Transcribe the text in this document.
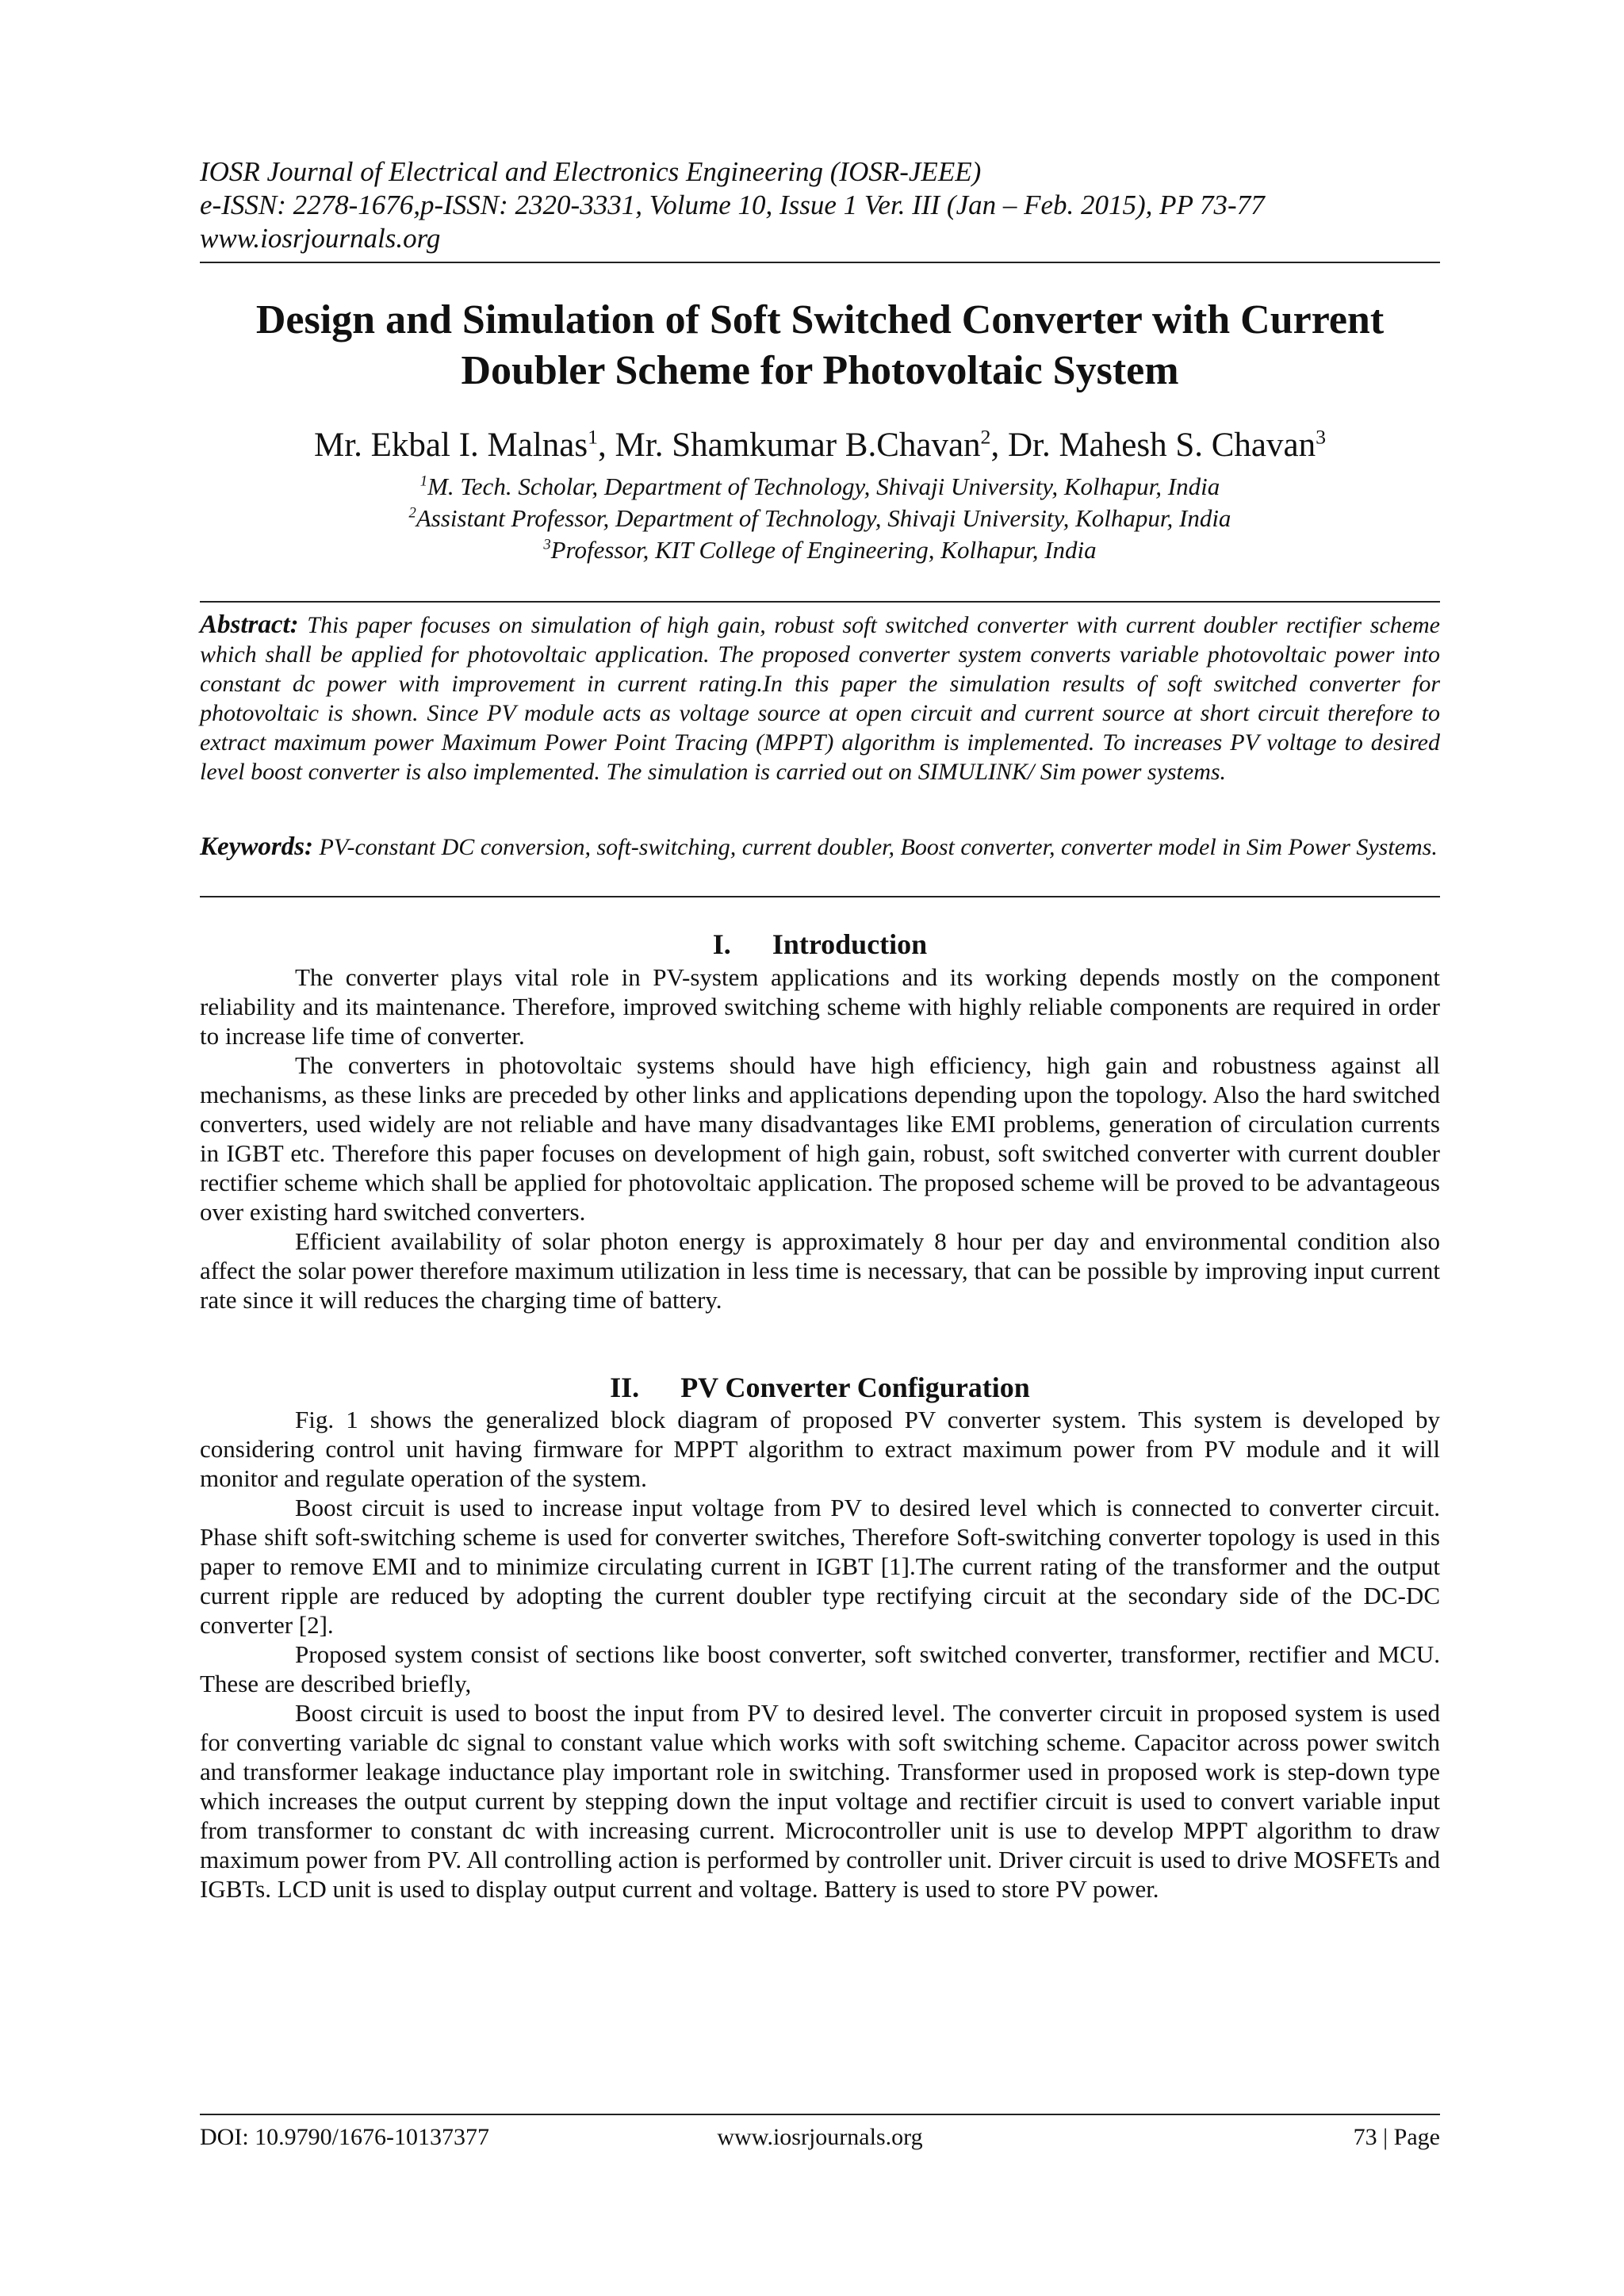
IOSR Journal of Electrical and Electronics Engineering (IOSR-JEEE)
e-ISSN: 2278-1676,p-ISSN: 2320-3331, Volume 10, Issue 1 Ver. III (Jan – Feb. 2015), PP 73-77
www.iosrjournals.org
Design and Simulation of Soft Switched Converter with Current
Doubler Scheme for Photovoltaic System
Mr. Ekbal I. Malnas$^1$, Mr. Shamkumar B.Chavan$^2$, Dr. Mahesh S. Chavan$^3$
$^1$M. Tech. Scholar, Department of Technology, Shivaji University, Kolhapur, India
$^2$Assistant Professor, Department of Technology, Shivaji University, Kolhapur, India
$^3$Professor, KIT College of Engineering, Kolhapur, India
Abstract: This paper focuses on simulation of high gain, robust soft switched converter with current doubler rectifier scheme which shall be applied for photovoltaic application. The proposed converter system converts variable photovoltaic power into constant dc power with improvement in current rating.In this paper the simulation results of soft switched converter for photovoltaic is shown. Since PV module acts as voltage source at open circuit and current source at short circuit therefore to extract maximum power Maximum Power Point Tracing (MPPT) algorithm is implemented. To increases PV voltage to desired level boost converter is also implemented. The simulation is carried out on SIMULINK/ Sim power systems.
Keywords: PV-constant DC conversion, soft-switching, current doubler, Boost converter, converter model in Sim Power Systems.
I. Introduction

The converter plays vital role in PV-system applications and its working depends mostly on the component reliability and its maintenance. Therefore, improved switching scheme with highly reliable components are required in order to increase life time of converter.

The converters in photovoltaic systems should have high efficiency, high gain and robustness against all mechanisms, as these links are preceded by other links and applications depending upon the topology. Also the hard switched converters, used widely are not reliable and have many disadvantages like EMI problems, generation of circulation currents in IGBT etc. Therefore this paper focuses on development of high gain, robust, soft switched converter with current doubler rectifier scheme which shall be applied for photovoltaic application. The proposed scheme will be proved to be advantageous over existing hard switched converters.

Efficient availability of solar photon energy is approximately 8 hour per day and environmental condition also affect the solar power therefore maximum utilization in less time is necessary, that can be possible by improving input current rate since it will reduces the charging time of battery.

II. PV Converter Configuration

Fig. 1 shows the generalized block diagram of proposed PV converter system. This system is developed by considering control unit having firmware for MPPT algorithm to extract maximum power from PV module and it will monitor and regulate operation of the system.

Boost circuit is used to increase input voltage from PV to desired level which is connected to converter circuit. Phase shift soft-switching scheme is used for converter switches, Therefore Soft-switching converter topology is used in this paper to remove EMI and to minimize circulating current in IGBT [1].The current rating of the transformer and the output current ripple are reduced by adopting the current doubler type rectifying circuit at the secondary side of the DC-DC converter [2].

Proposed system consist of sections like boost converter, soft switched converter, transformer, rectifier and MCU. These are described briefly,

Boost circuit is used to boost the input from PV to desired level. The converter circuit in proposed system is used for converting variable dc signal to constant value which works with soft switching scheme. Capacitor across power switch and transformer leakage inductance play important role in switching. Transformer used in proposed work is step-down type which increases the output current by stepping down the input voltage and rectifier circuit is used to convert variable input from transformer to constant dc with increasing current. Microcontroller unit is use to develop MPPT algorithm to draw maximum power from PV. All controlling action is performed by controller unit. Driver circuit is used to drive MOSFETs and IGBTs. LCD unit is used to display output current and voltage. Battery is used to store PV power.

DOI: 10.9790/1676-10137377	www.iosrjournals.org	73 | Page
